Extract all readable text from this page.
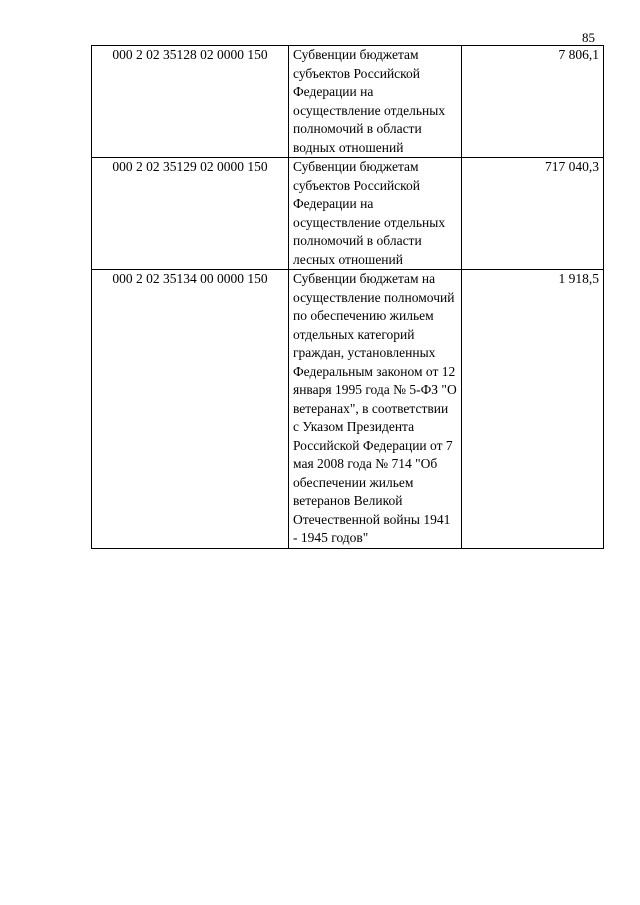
85
000 2 02 35128 02 0000 150	Субвенции бюджетам субъектов Российской Федерации на осуществление отдельных полномочий в области водных отношений	7 806,1
000 2 02 35129 02 0000 150	Субвенции бюджетам субъектов Российской Федерации на осуществление отдельных полномочий в области лесных отношений	717 040,3
000 2 02 35134 00 0000 150	Субвенции бюджетам на осуществление полномочий по обеспечению жильем отдельных категорий граждан, установленных Федеральным законом от 12 января 1995 года № 5-ФЗ "О ветеранах", в соответствии с Указом Президента Российской Федерации от 7 мая 2008 года № 714 "Об обеспечении жильем ветеранов Великой Отечественной войны 1941 - 1945 годов"	1 918,5
